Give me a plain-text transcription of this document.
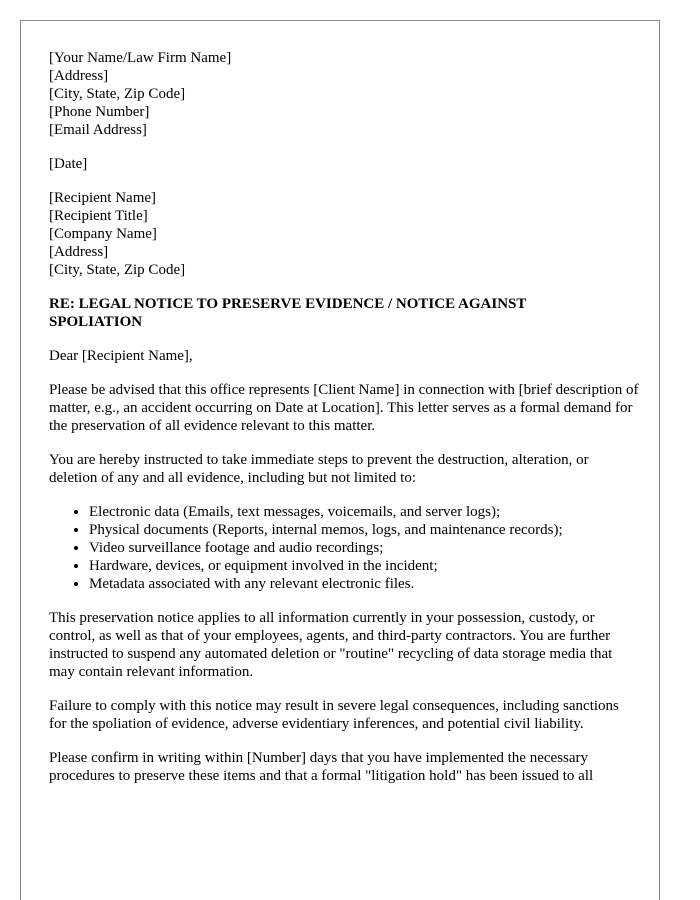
[Your Name/Law Firm Name]
[Address]
[City, State, Zip Code]
[Phone Number]
[Email Address]
[Date]
[Recipient Name]
[Recipient Title]
[Company Name]
[Address]
[City, State, Zip Code]
RE: LEGAL NOTICE TO PRESERVE EVIDENCE / NOTICE AGAINST
SPOLIATION

Dear [Recipient Name],

Please be advised that this office represents [Client Name] in connection with [brief description of matter, e.g., an accident occurring on Date at Location]. This letter serves as a formal demand for the preservation of all evidence relevant to this matter.

You are hereby instructed to take immediate steps to prevent the destruction, alteration, or deletion of any and all evidence, including but not limited to:

• Electronic data (Emails, text messages, voicemails, and server logs);
• Physical documents (Reports, internal memos, logs, and maintenance records);
• Video surveillance footage and audio recordings;
• Hardware, devices, or equipment involved in the incident;
• Metadata associated with any relevant electronic files.

This preservation notice applies to all information currently in your possession, custody, or control, as well as that of your employees, agents, and third-party contractors. You are further instructed to suspend any automated deletion or "routine" recycling of data storage media that may contain relevant information.

Failure to comply with this notice may result in severe legal consequences, including sanctions for the spoliation of evidence, adverse evidentiary inferences, and potential civil liability.

Please confirm in writing within [Number] days that you have implemented the necessary procedures to preserve these items and that a formal "litigation hold" has been issued to all
